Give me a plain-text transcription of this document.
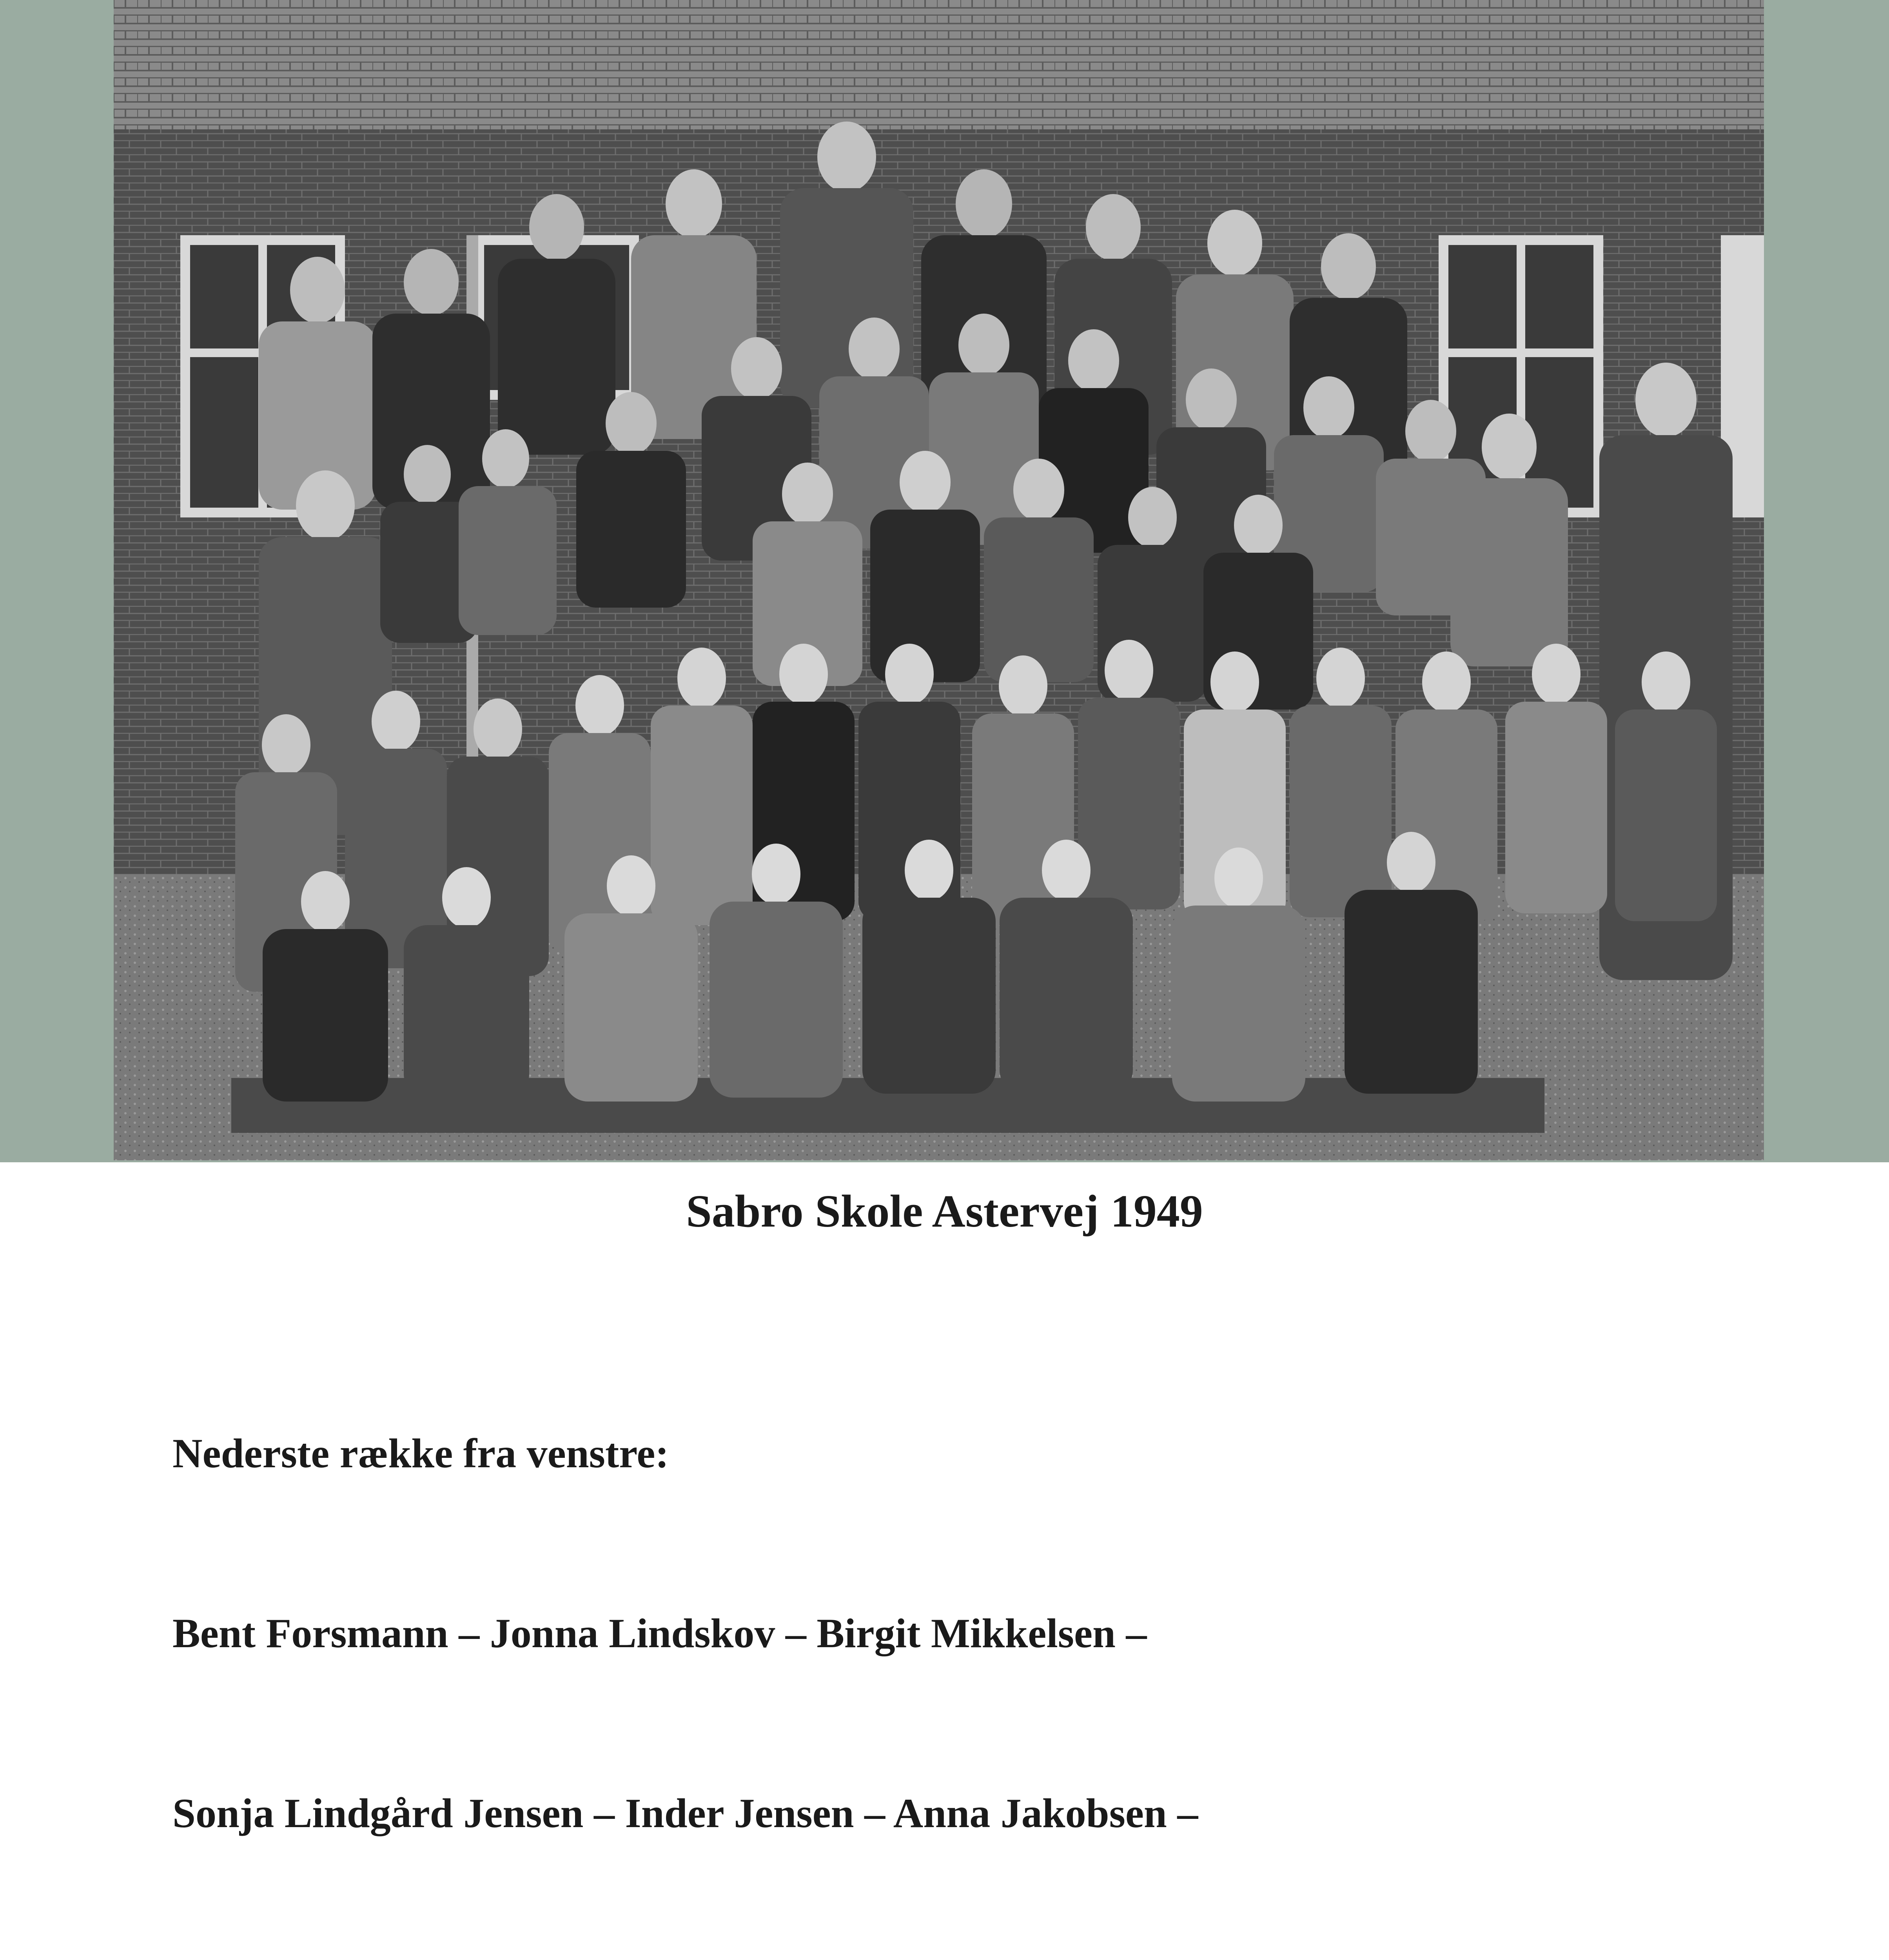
Sabro Skole Astervej 1949

Nederste række fra venstre:

Bent Forsmann – Jonna Lindskov – Birgit Mikkelsen –

Sonja Lindgård Jensen – Inder Jensen – Anna Jakobsen –
